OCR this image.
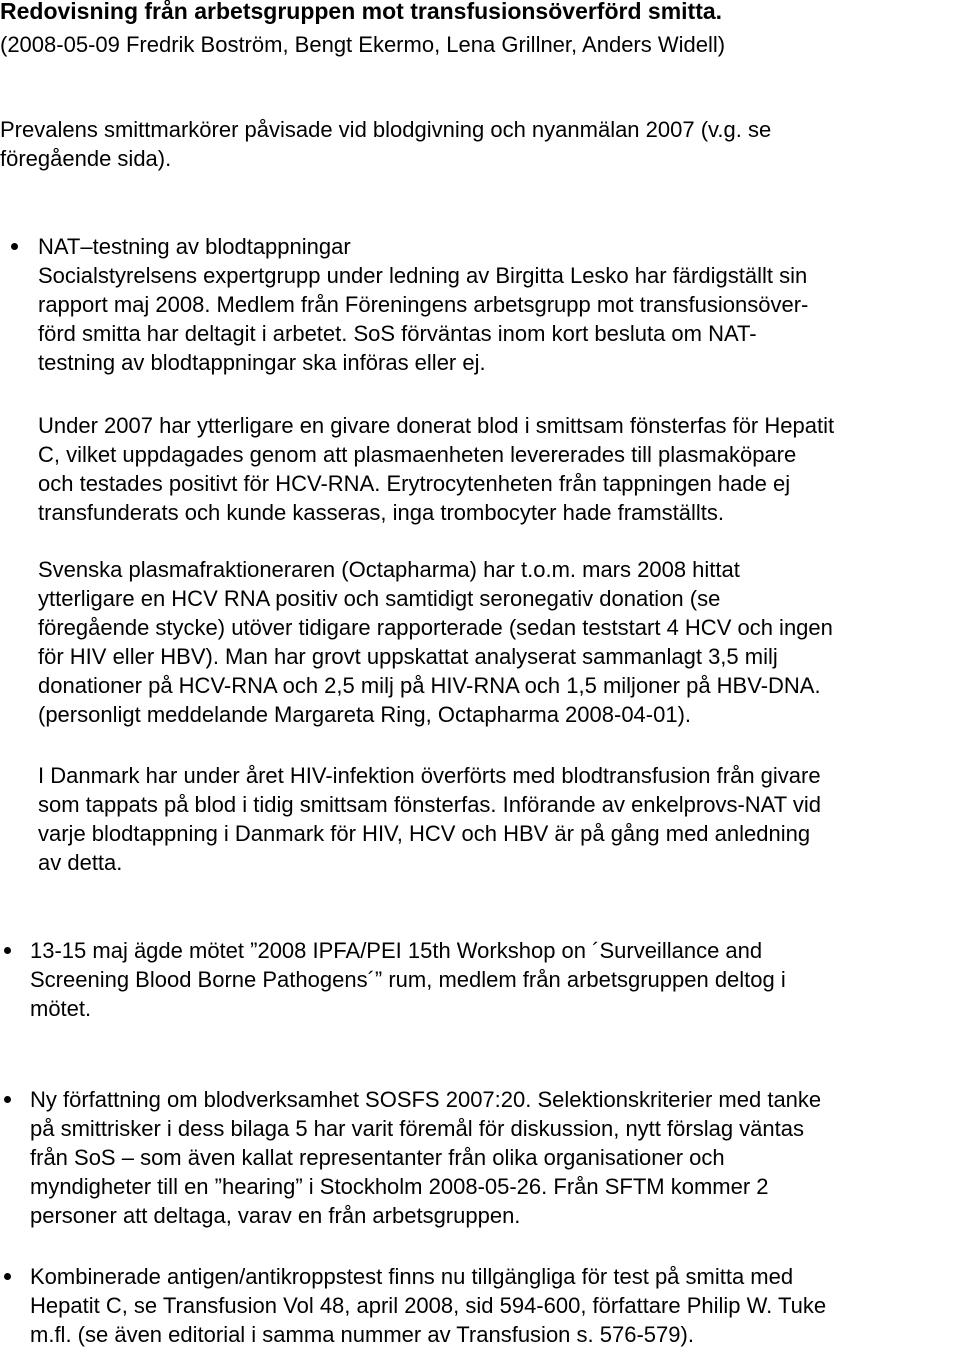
Redovisning från arbetsgruppen mot transfusionsöverförd smitta.

(2008-05-09 Fredrik Boström, Bengt Ekermo, Lena Grillner, Anders Widell)

Prevalens smittmarkörer påvisade vid blodgivning och nyanmälan 2007 (v.g. se

föregående sida).

NAT–testning av blodtappningar

Socialstyrelsens expertgrupp under ledning av Birgitta Lesko har färdigställt sin

rapport maj 2008. Medlem från Föreningens arbetsgrupp mot transfusionsöver-

förd smitta har deltagit i arbetet. SoS förväntas inom kort besluta om NAT-

testning av blodtappningar ska införas eller ej.

Under 2007 har ytterligare en givare donerat blod i smittsam fönsterfas för Hepatit

C, vilket uppdagades genom att plasmaenheten levererades till plasmaköpare

och testades positivt för HCV-RNA. Erytrocytenheten från tappningen hade ej

transfunderats och kunde kasseras, inga trombocyter hade framställts.

Svenska plasmafraktioneraren (Octapharma) har t.o.m. mars 2008 hittat

ytterligare en HCV RNA positiv och samtidigt seronegativ donation (se

föregående stycke) utöver tidigare rapporterade (sedan teststart 4 HCV och ingen

för HIV eller HBV). Man har grovt uppskattat analyserat sammanlagt 3,5 milj

donationer på HCV-RNA och 2,5 milj på HIV-RNA och 1,5 miljoner på HBV-DNA.

(personligt meddelande Margareta Ring, Octapharma 2008-04-01).

I Danmark har under året HIV-infektion överförts med blodtransfusion från givare

som tappats på blod i tidig smittsam fönsterfas. Införande av enkelprovs-NAT vid

varje blodtappning i Danmark för HIV, HCV och HBV är på gång med anledning

av detta.

13-15 maj ägde mötet ”2008 IPFA/PEI 15th Workshop on ´Surveillance and

Screening Blood Borne Pathogens´” rum, medlem från arbetsgruppen deltog i

mötet.

Ny författning om blodverksamhet SOSFS 2007:20. Selektionskriterier med tanke

på smittrisker i dess bilaga 5 har varit föremål för diskussion, nytt förslag väntas

från SoS – som även kallat representanter från olika organisationer och

myndigheter till en ”hearing” i Stockholm 2008-05-26. Från SFTM kommer 2

personer att deltaga, varav en från arbetsgruppen.

Kombinerade antigen/antikroppstest finns nu tillgängliga för test på smitta med

Hepatit C, se Transfusion Vol 48, april 2008, sid 594-600, författare Philip W. Tuke

m.fl. (se även editorial i samma nummer av Transfusion s. 576-579).
